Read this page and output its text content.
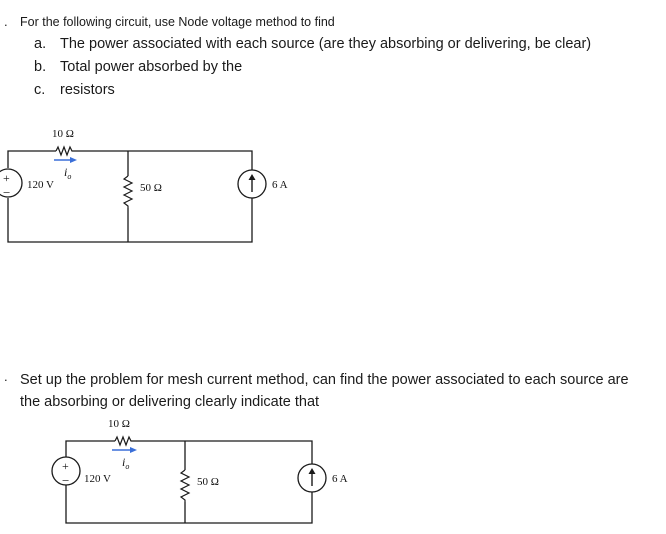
. For the following circuit, use Node voltage method to find
a. The power associated with each source (are they absorbing or delivering, be clear)
b. Total power absorbed by the
c. resistors
10 Ω
$i_o$
120 V	50 Ω	6 A
+
−
. Set up the problem for mesh current method, can find the power associated to each source are
the absorbing or delivering clearly indicate that
10 Ω
$i_o$
120 V	50 Ω	6 A
+
−
